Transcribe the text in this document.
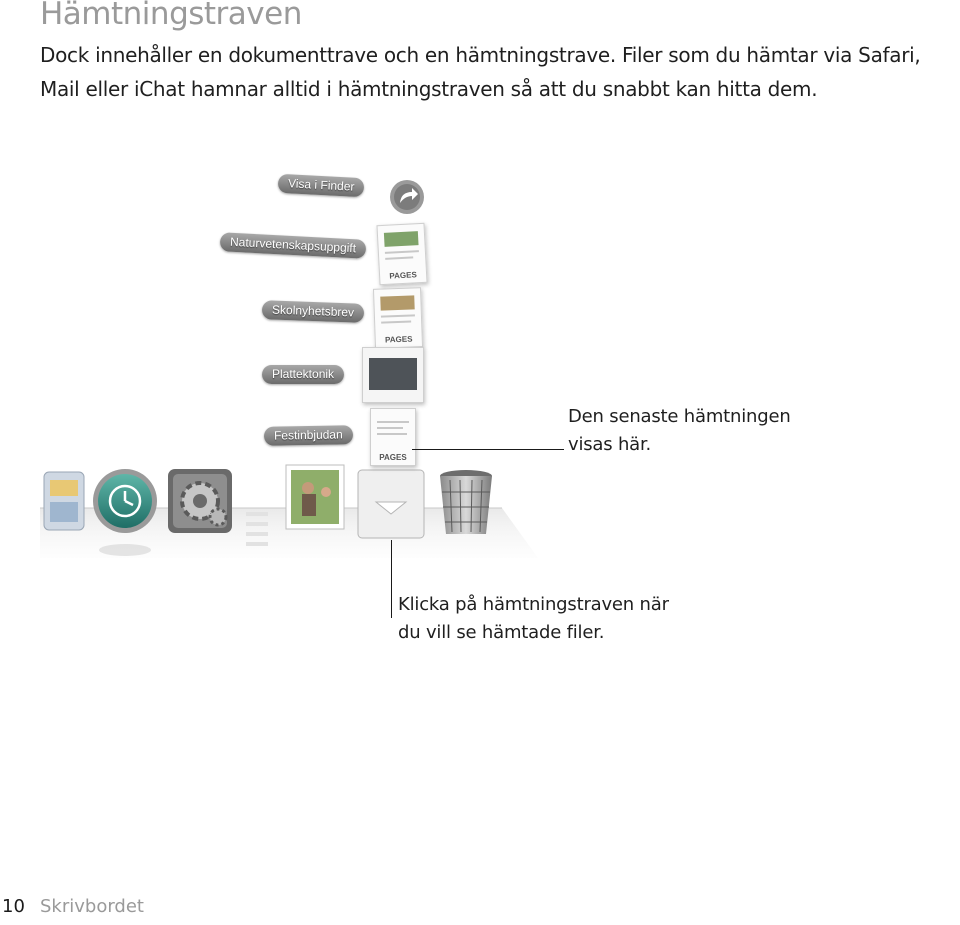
Hämtningstraven

Dock innehåller en dokumenttrave och en hämtningstrave. Filer som du hämtar via Safari, Mail eller iChat hamnar alltid i hämtningstraven så att du snabbt kan hitta dem.

Visa i Finder
Naturvetenskapsuppgift
Skolnyhetsbrev
Plattektonik
Festinbjudan
PAGES
PAGES
PAGES

Den senaste hämtningen visas här.

Klicka på hämtningstraven när du vill se hämtade filer.

10 Skrivbordet
